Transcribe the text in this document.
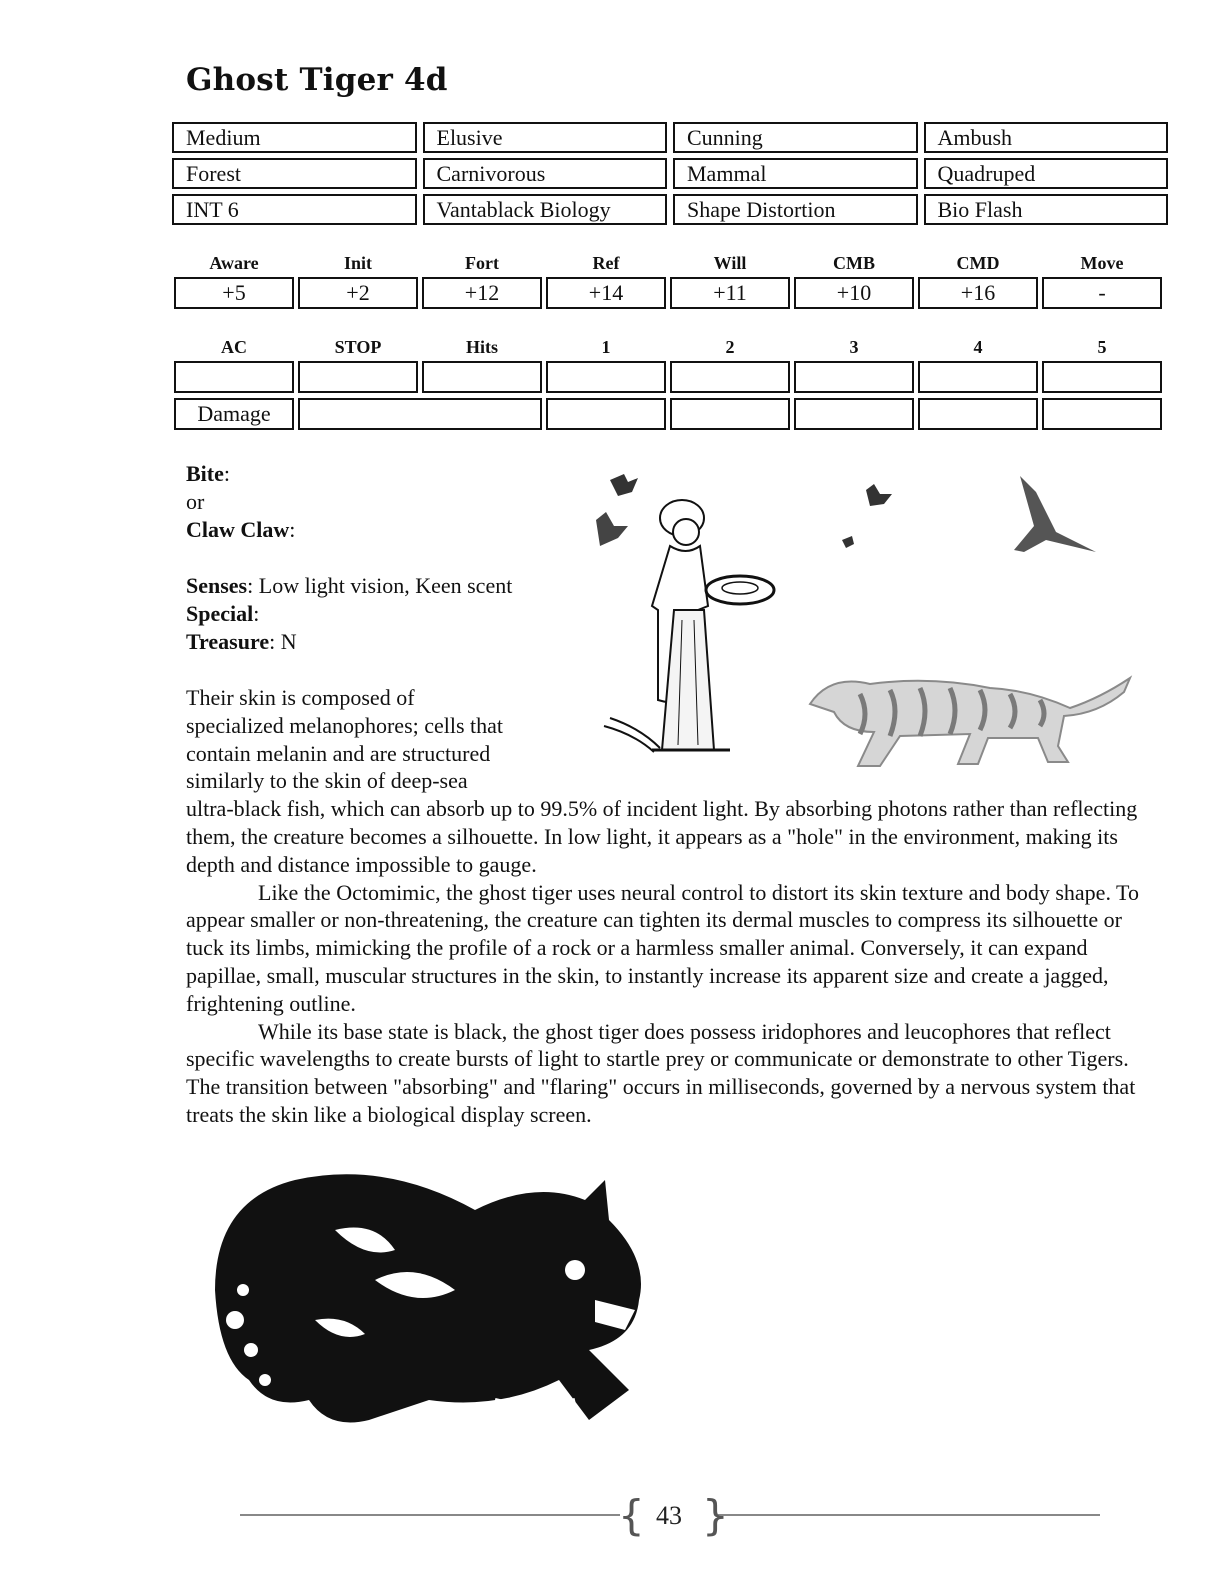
Ghost Tiger 4d
Medium	Elusive	Cunning	Ambush
Forest	Carnivorous	Mammal	Quadruped
INT 6	Vantablack Biology	Shape Distortion	Bio Flash
Aware	Init	Fort	Ref	Will	CMB	CMD	Move
+5	+2	+12	+14	+11	+10	+16	-
AC	STOP	Hits	1	2	3	4	5
Damage

Bite:

or

Claw Claw:

Senses: Low light vision, Keen scent

Special:

Treasure: N

Their skin is composed of
specialized melanophores; cells that
contain melanin and are structured
similarly to the skin of deep-sea

ultra-black fish, which can absorb up to 99.5% of incident light. By absorbing photons rather than reflecting them, the creature becomes a silhouette. In low light, it appears as a "hole" in the environment, making its depth and distance impossible to gauge.

Like the Octomimic, the ghost tiger uses neural control to distort its skin texture and body shape. To appear smaller or non-threatening, the creature can tighten its dermal muscles to compress its silhouette or tuck its limbs, mimicking the profile of a rock or a harmless smaller animal. Conversely, it can expand papillae, small, muscular structures in the skin, to instantly increase its apparent size and create a jagged, frightening outline.

While its base state is black, the ghost tiger does possess iridophores and leucophores that reflect specific wavelengths to create bursts of light to startle prey or communicate or demonstrate to other Tigers. The transition between "absorbing" and "flaring" occurs in milliseconds, governed by a nervous system that treats the skin like a biological display screen.

{ }
43
